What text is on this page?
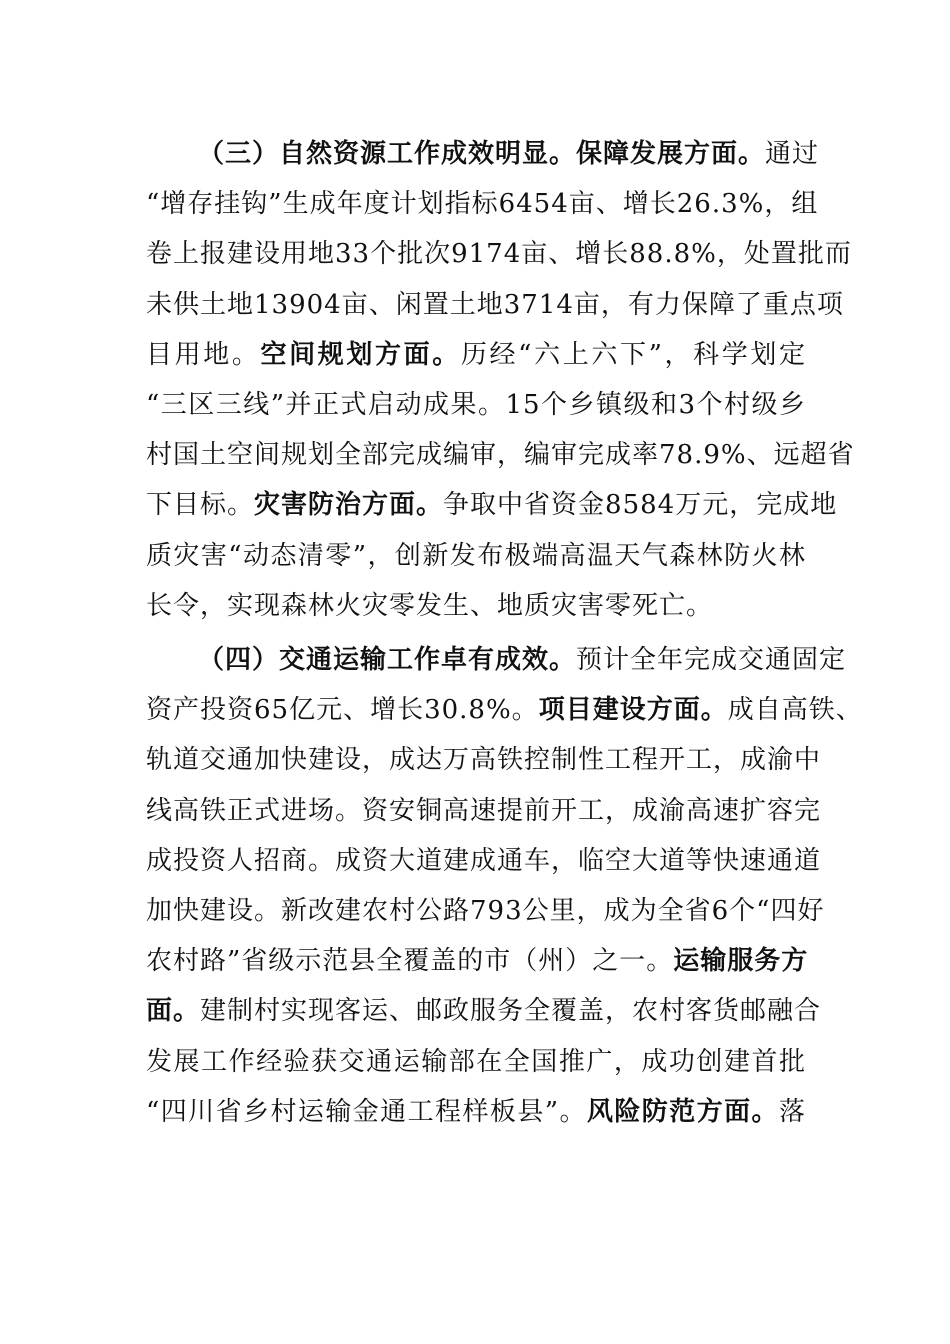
（三）自然资源工作成效明显。保障发展方面。通过
“增存挂钩”生成年度计划指标6454亩、增长26.3%，组
卷上报建设用地33个批次9174亩、增长88.8%，处置批而
未供土地13904亩、闲置土地3714亩，有力保障了重点项
目用地。空间规划方面。历经“六上六下”，科学划定
“三区三线”并正式启动成果。15个乡镇级和3个村级乡
村国土空间规划全部完成编审，编审完成率78.9%、远超省
下目标。灾害防治方面。争取中省资金8584万元，完成地
质灾害“动态清零”，创新发布极端高温天气森林防火林
长令，实现森林火灾零发生、地质灾害零死亡。
（四）交通运输工作卓有成效。预计全年完成交通固定
资产投资65亿元、增长30.8%。项目建设方面。成自高铁、
轨道交通加快建设，成达万高铁控制性工程开工，成渝中
线高铁正式进场。资安铜高速提前开工，成渝高速扩容完
成投资人招商。成资大道建成通车，临空大道等快速通道
加快建设。新改建农村公路793公里，成为全省6个“四好
农村路”省级示范县全覆盖的市（州）之一。运输服务方
面。建制村实现客运、邮政服务全覆盖，农村客货邮融合
发展工作经验获交通运输部在全国推广，成功创建首批
“四川省乡村运输金通工程样板县”。风险防范方面。落
